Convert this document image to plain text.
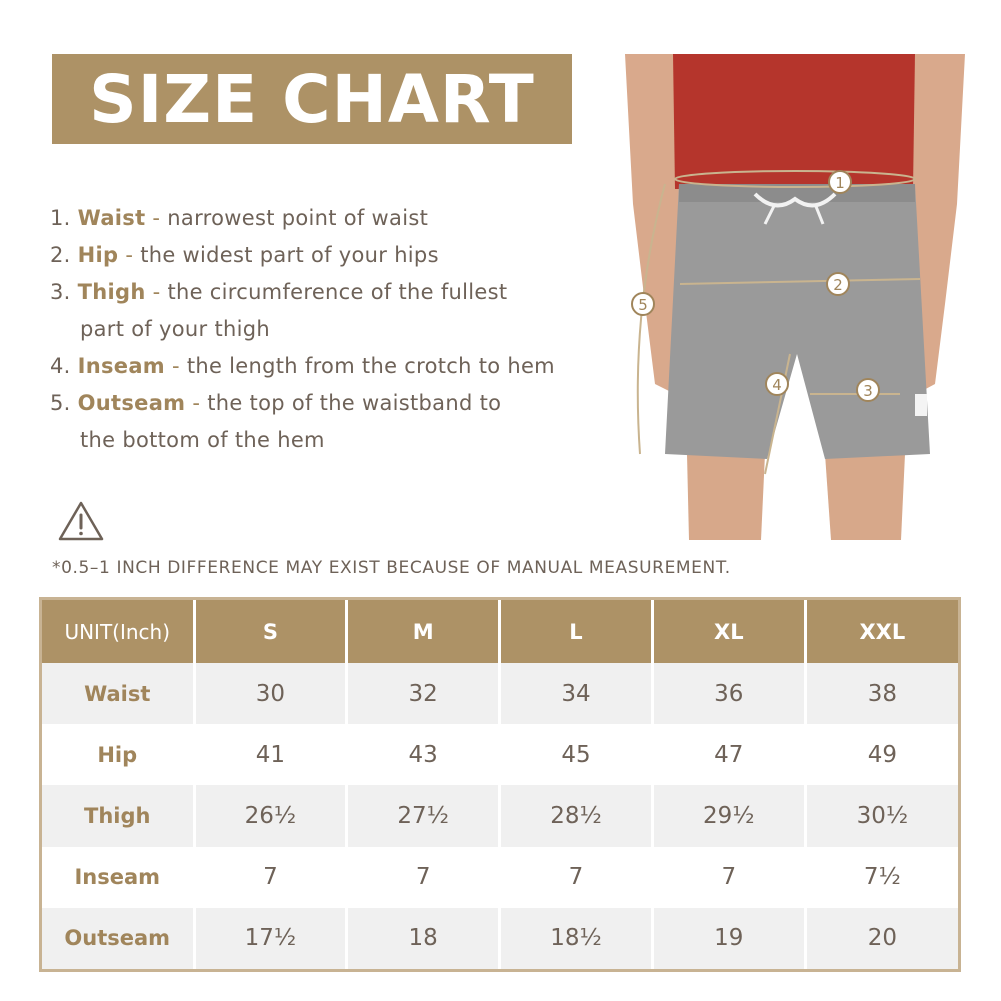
SIZE CHART
1. Waist - narrowest point of waist
2. Hip - the widest part of your hips
3. Thigh - the circumference of the fullest
part of your thigh
4. Inseam - the length from the crotch to hem
5. Outseam - the top of the waistband to
the bottom of the hem
*0.5–1 INCH DIFFERENCE MAY EXIST BECAUSE OF MANUAL MEASUREMENT.
1
2
3
4
5
UNIT(Inch)	S	M	L	XL	XXL
Waist	30	32	34	36	38
Hip	41	43	45	47	49
Thigh	26½	27½	28½	29½	30½
Inseam	7	7	7	7	7½
Outseam	17½	18	18½	19	20
